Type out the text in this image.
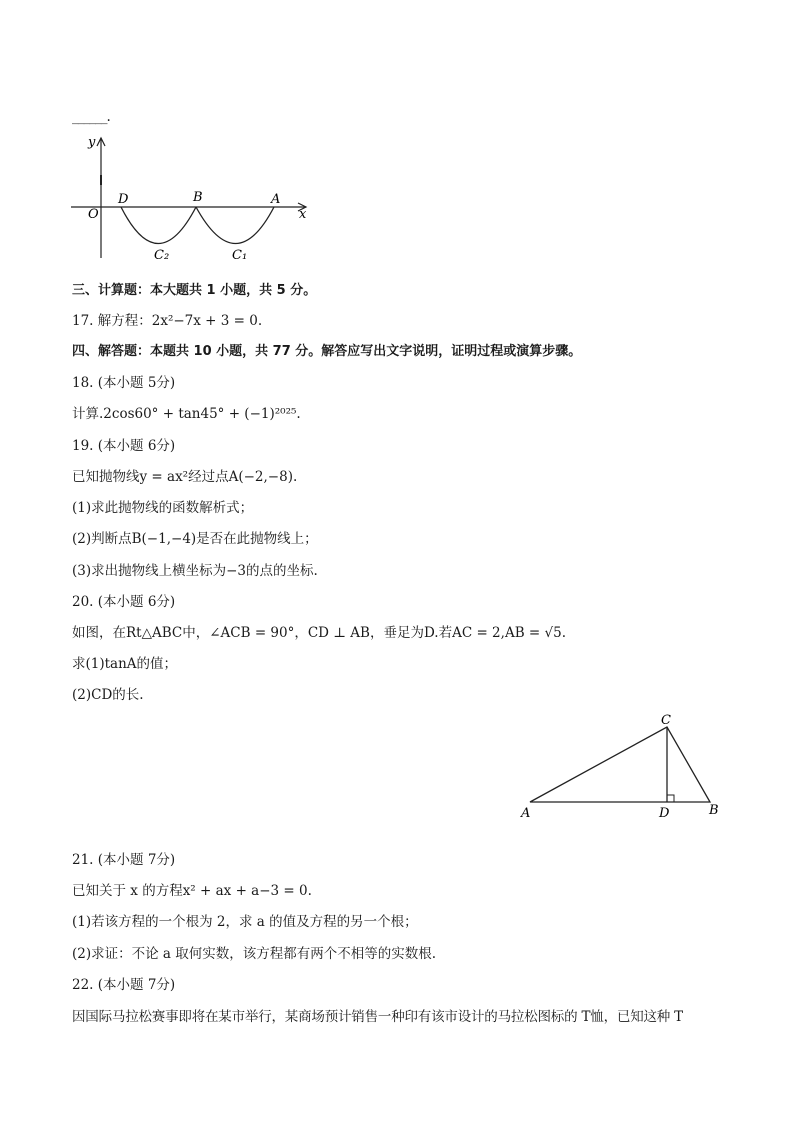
______.
y
x
O
D	B	A
C₂	C₁
三、计算题：本大题共 1 小题，共 5 分。
17. 解方程：2x²−7x + 3 = 0.
四、解答题：本题共 10 小题，共 77 分。解答应写出文字说明，证明过程或演算步骤。
18. (本小题 5分)
计算.2cos60° + tan45° + (−1)²⁰²⁵.
19. (本小题 6分)
已知抛物线y = ax²经过点A(−2,−8).
(1)求此抛物线的函数解析式；
(2)判断点B(−1,−4)是否在此抛物线上；
(3)求出抛物线上横坐标为−3的点的坐标.
20. (本小题 6分)
如图，在Rt△ABC中，∠ACB = 90°，CD ⊥ AB，垂足为D.若AC = 2,AB = √5.
求(1)tanA的值；
(2)CD的长.
A	B
C
D
21. (本小题 7分)
已知关于 x 的方程x² + ax + a−3 = 0.
(1)若该方程的一个根为 2，求 a 的值及方程的另一个根；
(2)求证：不论 a 取何实数，该方程都有两个不相等的实数根.
22. (本小题 7分)
因国际马拉松赛事即将在某市举行，某商场预计销售一种印有该市设计的马拉松图标的 T恤，已知这种 T
